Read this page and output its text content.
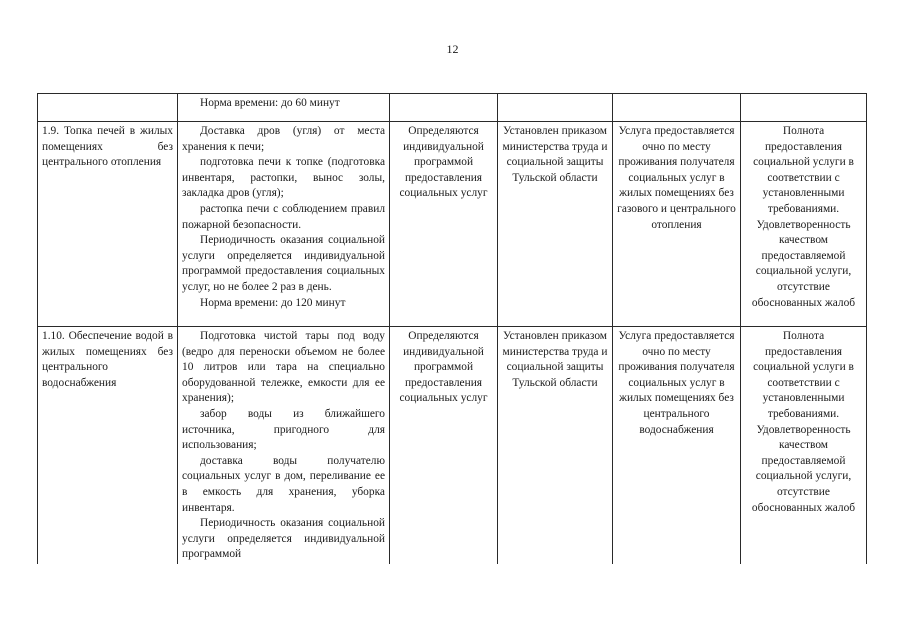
12

	Норма времени: до 60 минут				

1.9. Топка печей в жилых помещениях без центрального отопления	Доставка дров (угля) от места хранения к печи;
подготовка печи к топке (подготовка инвентаря, растопки, вынос золы, закладка дров (угля);
растопка печи с соблюдением правил пожарной безопасности.
Периодичность оказания социальной услуги определяется индивидуальной программой предоставления социальных услуг, но не более 2 раз в день.
Норма времени: до 120 минут	Определяются индивидуальной программой предоставления социальных услуг	Установлен приказом министерства труда и социальной защиты Тульской области	Услуга предоставляется очно по месту проживания получателя социальных услуг в жилых помещениях без газового и центрального отопления	Полнота предоставления социальной услуги в соответствии с установленными требованиями. Удовлетворенность качеством предоставляемой социальной услуги, отсутствие обоснованных жалоб
1.10. Обеспечение водой в жилых помещениях без центрального водоснабжения	Подготовка чистой тары под воду (ведро для переноски объемом не более 10 литров или тара на специально оборудованной тележке, емкости для ее хранения);
забор воды из ближайшего источника, пригодного для использования;
доставка воды получателю социальных услуг в дом, переливание ее в емкость для хранения, уборка инвентаря.
Периодичность оказания социальной услуги определяется индивидуальной программой	Определяются индивидуальной программой предоставления социальных услуг	Установлен приказом министерства труда и социальной защиты Тульской области	Услуга предоставляется очно по месту проживания получателя социальных услуг в жилых помещениях без центрального водоснабжения	Полнота предоставления социальной услуги в соответствии с установленными требованиями. Удовлетворенность качеством предоставляемой социальной услуги, отсутствие обоснованных жалоб
